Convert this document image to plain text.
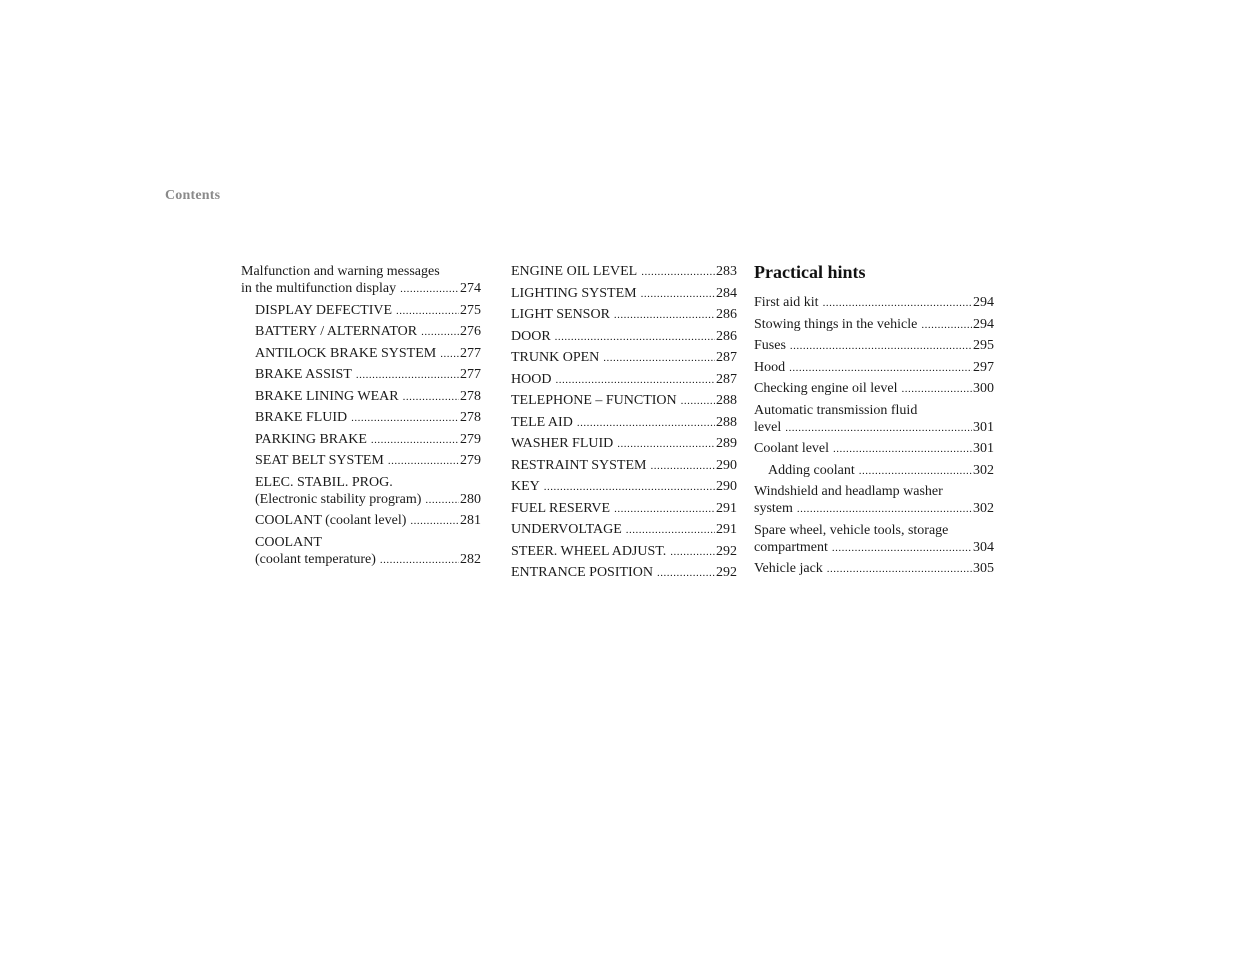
Contents
Malfunction and warning messages
in the multifunction display .....	274
DISPLAY DEFECTIVE .....	275
BATTERY / ALTERNATOR .....	276
ANTILOCK BRAKE SYSTEM ..... 277
BRAKE ASSIST .....	277
BRAKE LINING WEAR .....	278
BRAKE FLUID .....	278
PARKING BRAKE .....	279
SEAT BELT SYSTEM .....	279
ELEC. STABIL. PROG.
(Electronic stability program) .....	280
COOLANT (coolant level) .....	281
COOLANT
(coolant temperature) .....	282
ENGINE OIL LEVEL .....	283
LIGHTING SYSTEM .....	284
LIGHT SENSOR .....	286
DOOR .....	286
TRUNK OPEN .....	287
HOOD .....	287
TELEPHONE – FUNCTION .....	288
TELE AID .....	288
WASHER FLUID .....	289
RESTRAINT SYSTEM .....	290
KEY .....	290
FUEL RESERVE .....	291
UNDERVOLTAGE .....	291
STEER. WHEEL ADJUST. .....	292
ENTRANCE POSITION .....	292
Practical hints
First aid kit .....	294
Stowing things in the vehicle .....	294
Fuses .....	295
Hood .....	297
Checking engine oil level .....	300
Automatic transmission fluid
level .....	301
Coolant level .....	301
Adding coolant .....	302
Windshield and headlamp washer
system .....	302
Spare wheel, vehicle tools, storage
compartment .....	304
Vehicle jack .....	305
